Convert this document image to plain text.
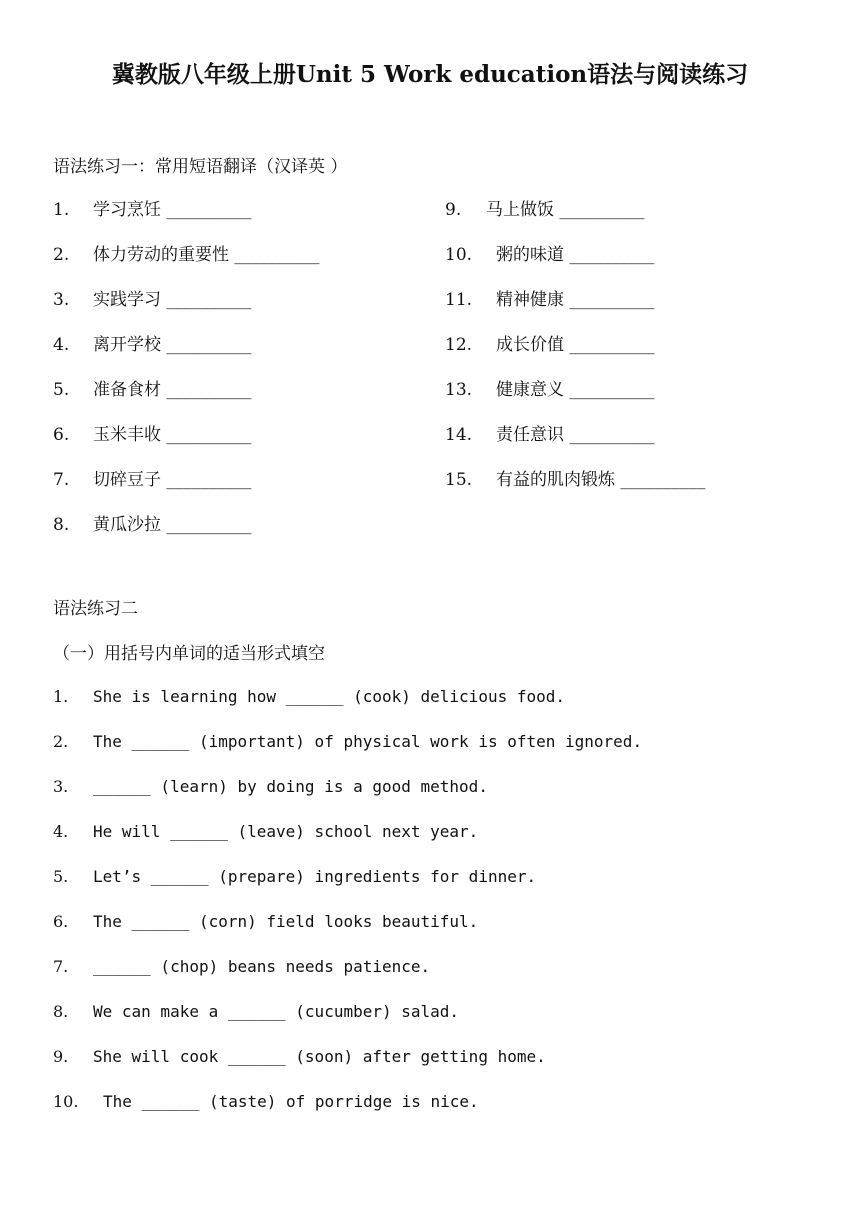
冀教版八年级上册Unit 5 Work education语法与阅读练习
语法练习一：常用短语翻译（汉译英 ）
1. 学习烹饪 __________
2. 体力劳动的重要性 __________
3. 实践学习 __________
4. 离开学校 __________
5. 准备食材 __________
6. 玉米丰收 __________
7. 切碎豆子 __________
8. 黄瓜沙拉 __________
9. 马上做饭 __________
10. 粥的味道 __________
11. 精神健康 __________
12. 成长价值 __________
13. 健康意义 __________
14. 责任意识 __________
15. 有益的肌肉锻炼 __________
语法练习二
（一）用括号内单词的适当形式填空
1. She is learning how ______ (cook) delicious food.
2. The ______ (important) of physical work is often ignored.
3. ______ (learn) by doing is a good method.
4. He will ______ (leave) school next year.
5. Let’s ______ (prepare) ingredients for dinner.
6. The ______ (corn) field looks beautiful.
7. ______ (chop) beans needs patience.
8. We can make a ______ (cucumber) salad.
9. She will cook ______ (soon) after getting home.
10. The ______ (taste) of porridge is nice.
